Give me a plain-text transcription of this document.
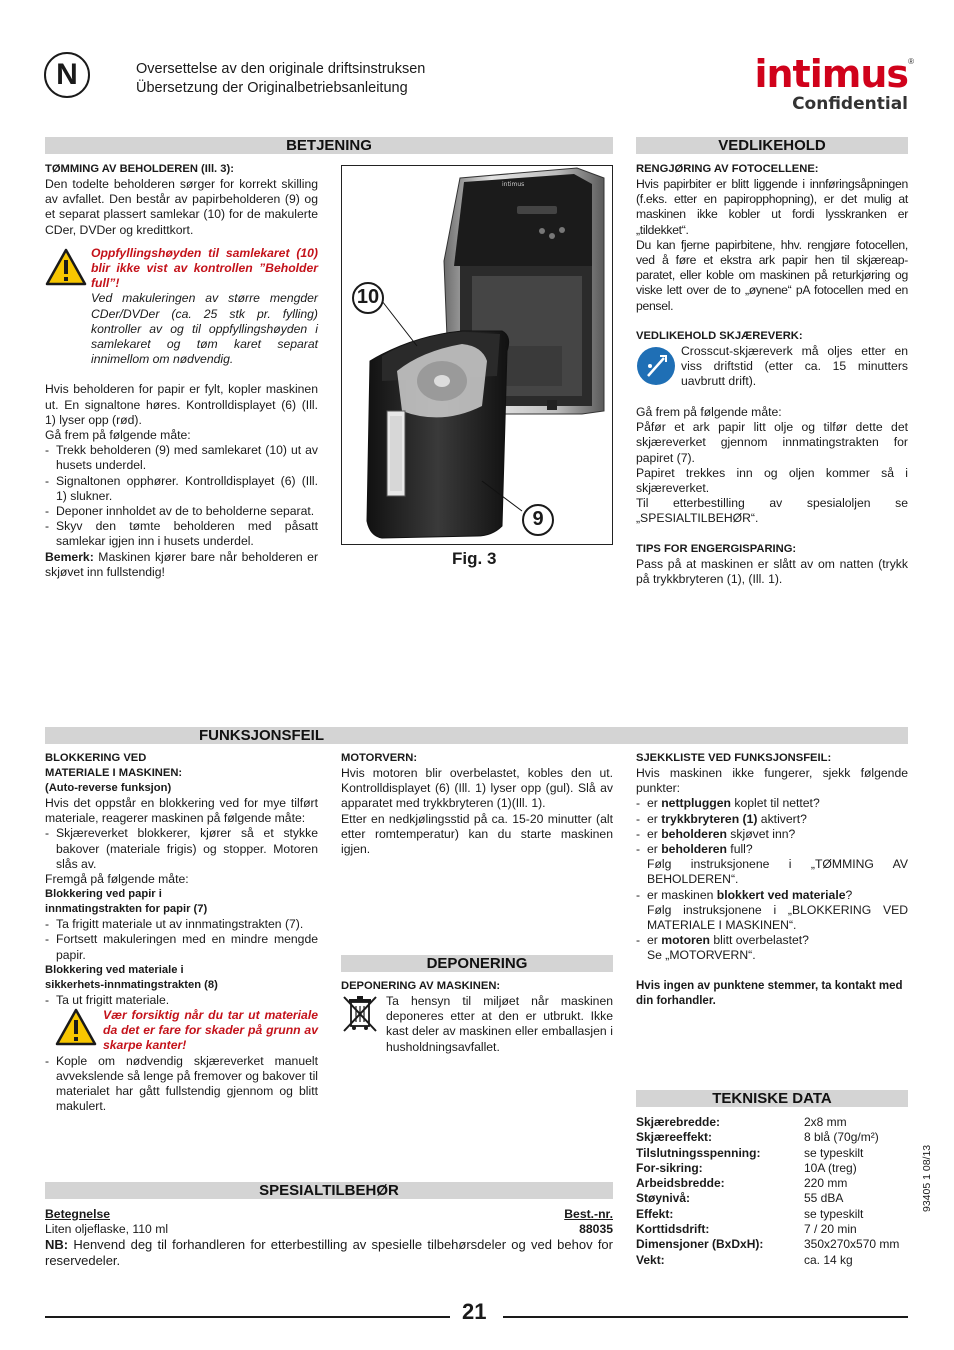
N	Oversettelse av den originale driftsinstruksen
Übersetzung der Originalbetriebsanleitung
®
intimus
Confidential
BETJENING
TØMMING AV BEHOLDEREN (Ill. 3):
Den todelte beholderen sørger for korrekt skilling av avfallet. Den består av papirbeholderen (9) og et separat plassert samlekar (10) for de makulerte CDer, DVDer og kredittkort.
Oppfyllingshøyden til samlekaret (10) blir ikke vist av kontrollen ”Beholder full”!
Ved makuleringen av større mengder CDer/DVDer (ca. 25 stk pr. fylling) kontroller av og til oppfyllingshøyden i samlekaret og tøm karet separat innimellom om nødvendig.
Hvis beholderen for papir er fylt, kopler maskinen ut. En signaltone høres. Kontrolldisplayet (6) (Ill. 1) lyser opp (rød).
Gå frem på følgende måte:
- Trekk beholderen (9) med samlekaret (10) ut av husets underdel.
- Signaltonen opphører. Kontrolldisplayet (6) (Ill. 1) slukner.
- Deponer innholdet av de to beholderne separat.
- Skyv den tømte beholderen med påsatt samlekar igjen inn i husets underdel.
Bemerk: Maskinen kjører bare når beholderen er skjøvet inn fullstendig!
intimus
10
9
Fig. 3
VEDLIKEHOLD
RENGJØRING AV FOTOCELLENE:
Hvis papirbiter er blitt liggende i innføringsåpningen (f.eks. etter en papiropphopning), er det mulig at maskinen ikke kobler ut fordi lysskranken er „tildekket“.
Du kan fjerne papirbitene, hhv. rengjøre fotocellen, ved å føre et ekstra ark papir hen til skjæreap-paratet, eller koble om maskinen på returkjøring og viske lett over de to „øynene“ pA fotocellen med en pensel.
VEDLIKEHOLD SKJÆREVERK:
Crosscut-skjæreverk må oljes etter en viss driftstid (etter ca. 15 minutters uavbrutt drift).
Gå frem på følgende måte:
Påfør et ark papir litt olje og tilfør dette det skjæreverket gjennom innmatingstrakten for papiret (7).
Papiret trekkes inn og oljen kommer så i skjæreverket.
Til etterbestilling av spesialoljen se „SPESIALTILBEHØR“.
TIPS FOR ENGERGISPARING:
Pass på at maskinen er slått av om natten (trykk på trykkbryteren (1), (Ill. 1).
FUNKSJONSFEIL
BLOKKERING VED
MATERIALE I MASKINEN:
(Auto-reverse funksjon)
Hvis det oppstår en blokkering ved for mye tilført materiale, reagerer maskinen på følgende måte:
- Skjæreverket blokkerer, kjører så et stykke bakover (materiale frigis) og stopper. Motoren slås av.
Fremgå på følgende måte:
Blokkering ved papir i
innmatingstrakten for papir (7)
- Ta frigitt materiale ut av innmatingstrakten (7).
- Fortsett makuleringen med en mindre mengde papir.
Blokkering ved materiale i
sikkerhets-innmatingstrakten (8)
- Ta ut frigitt materiale.
Vær forsiktig når du tar ut materiale da det er fare for skader på grunn av skarpe kanter!
- Kople om nødvendig skjæreverket manuelt avvekslende så lenge på fremover og bakover til materialet har gått fullstendig gjennom og blitt makulert.
MOTORVERN:
Hvis motoren blir overbelastet, kobles den ut. Kontrolldisplayet (6) (Ill. 1) lyser opp (gul). Slå av apparatet med trykkbryteren (1)(Ill. 1).
Etter en nedkjølingsstid på ca. 15-20 minutter (alt etter romtemperatur) kan du starte maskinen igjen.
SJEKKLISTE VED FUNKSJONSFEIL:
Hvis maskinen ikke fungerer, sjekk følgende punkter:
- er nettpluggen koplet til nettet?
- er trykkbryteren (1) aktivert?
- er beholderen skjøvet inn?
- er beholderen full?
Følg instruksjonene i „TØMMING AV BEHOLDEREN“.
- er maskinen blokkert ved materiale?
Følg instruksjonene i „BLOKKERING VED MATERIALE I MASKINEN“.
- er motoren blitt overbelastet?
Se „MOTORVERN“.
Hvis ingen av punktene stemmer, ta kontakt med din forhandler.
DEPONERING
DEPONERING AV MASKINEN:
Ta hensyn til miljøet når maskinen deponeres etter at den er utbrukt. Ikke kast deler av maskinen eller emballasjen i husholdningsavfallet.
TEKNISKE DATA
Skjærebredde:	2x8 mm
Skjæreeffekt:	8 blå (70g/m²)
Tilslutningsspenning:	se typeskilt
For-sikring:	10A (treg)
Arbeidsbredde:	220 mm
Støynivå:	55 dBA
Effekt:	se typeskilt
Korttidsdrift:	7 / 20 min
Dimensjoner (BxDxH):	350x270x570 mm
Vekt:	ca. 14 kg
SPESIALTILBEHØR
Betegnelse	Best.-nr.
Liten oljeflaske, 110 ml	88035
NB: Henvend deg til forhandleren for etterbestilling av spesielle tilbehørsdeler og ved behov for reservedeler.
93405 1 08/13
21
